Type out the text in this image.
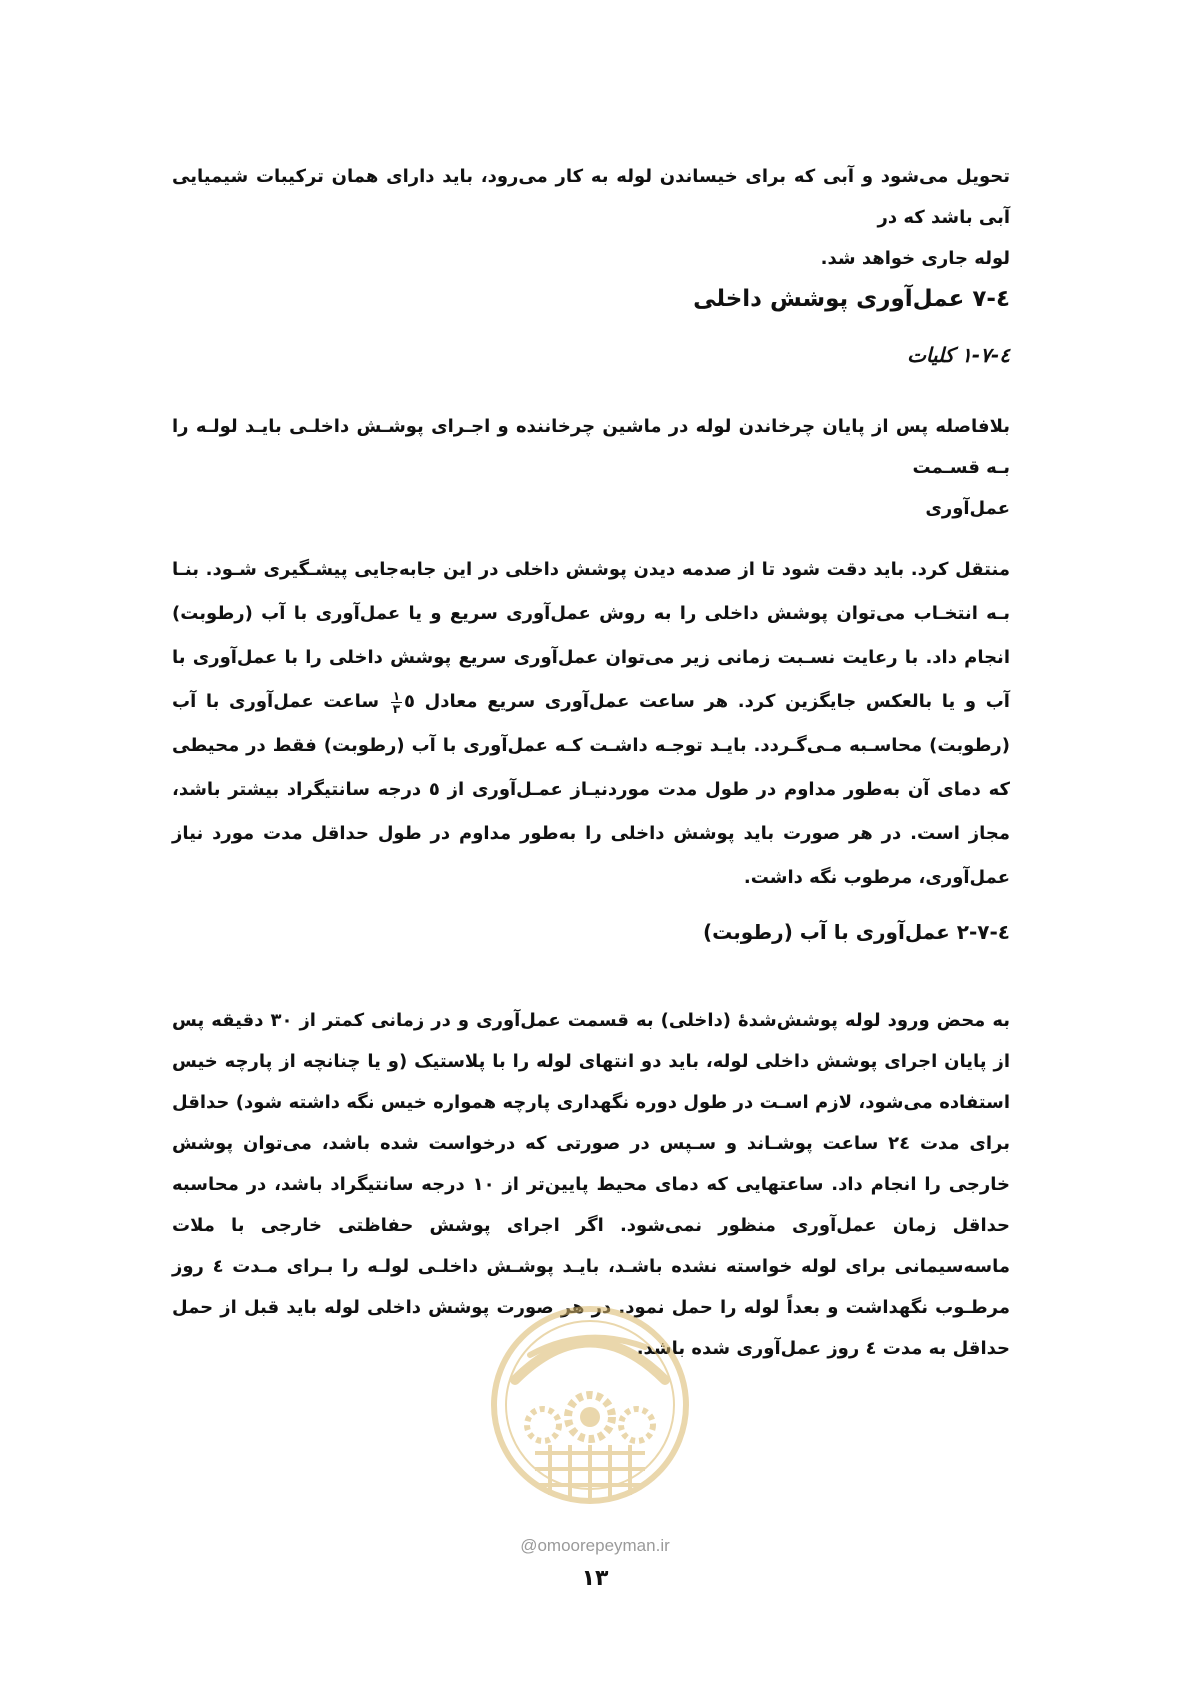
تحویل می‌شود و آبی که برای خیساندن لوله به کار می‌رود، باید دارای همان ترکیبات شیمیایی آبی باشد که در
لوله جاری خواهد شد.
٤-٧ عمل‌آوری پوشش داخلی
٤-٧-١ کلیات
بلافاصله پس از پایان چرخاندن لوله در ماشین چرخاننده و اجـرای پوشـش داخلـی بایـد لولـه را بـه قسـمت
عمل‌آوری
منتقل کرد. باید دقت شود تا از صدمه دیدن پوشش داخلی در این جابه‌جایی پیشـگیری شـود. بنـا بـه انتخـاب می‌توان پوشش داخلی را به روش عمل‌آوری سریع و یا عمل‌آوری با آب (رطوبت) انجام داد. با رعایت نسـبت زمانی زیر می‌توان عمل‌آوری سریع پوشش داخلی را با عمل‌آوری با آب و یا بالعکس جایگزین کرد. هر ساعت عمل‌آوری سریع معادل ٥
$\frac{١}{٣}$
ساعت عمل‌آوری با آب (رطوبت) محاسـبه مـی‌گـردد. بایـد توجـه داشـت کـه عمل‌آوری با آب (رطوبت) فقط در محیطی که دمای آن به‌طور مداوم در طول مدت موردنیـاز عمـل‌آوری از ٥ درجه سانتیگراد بیشتر باشد، مجاز است. در هر صورت باید پوشش داخلی را به‌طور مداوم در طول حداقل مدت مورد نیاز عمل‌آوری، مرطوب نگه داشت.
٤-٧-٢ عمل‌آوری با آب (رطوبت)
به محض ورود لوله پوشش‌شدهٔ (داخلی) به قسمت عمل‌آوری و در زمانی کمتر از ٣٠ دقیقه پس از پایان اجرای پوشش داخلی لوله، باید دو انتهای لوله را با پلاستیک (و یا چنانچه از پارچه خیس استفاده می‌شود، لازم اسـت در طول دوره نگهداری پارچه همواره خیس نگه داشته شود) حداقل برای مدت ٢٤ ساعت پوشـاند و سـپس در صورتی که درخواست شده باشد، می‌توان پوشش خارجی را انجام داد. ساعتهایی که دمای محیط پایین‌تر از ١٠ درجه سانتیگراد باشد، در محاسبه حداقل زمان عمل‌آوری منظور نمی‌شود. اگر اجرای پوشش حفاظتی خارجی با ملات ماسه‌سیمانی برای لوله خواسته نشده باشـد، بایـد پوشـش داخلـی لولـه را بـرای مـدت ٤ روز مرطـوب نگهداشت و بعداً لوله را حمل نمود. در هر صورت پوشش داخلی لوله باید قبل از حمل حداقل به مدت ٤ روز عمل‌آوری شده باشد.
@omoorepeyman.ir
١٣
